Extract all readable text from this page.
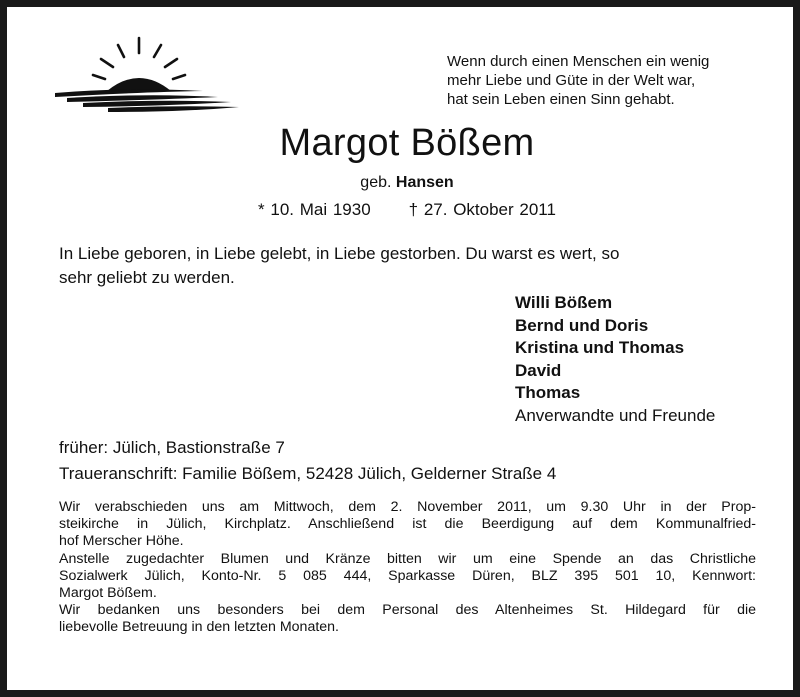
Wenn durch einen Menschen ein wenig
mehr Liebe und Güte in der Welt war,
hat sein Leben einen Sinn gehabt.
Margot Bößem
geb. Hansen
* 10. Mai 1930 † 27. Oktober 2011
In Liebe geboren, in Liebe gelebt, in Liebe gestorben. Du warst es wert, so
sehr geliebt zu werden.
Willi Bößem
Bernd und Doris
Kristina und Thomas
David
Thomas
Anverwandte und Freunde
früher: Jülich, Bastionstraße 7
Traueranschrift: Familie Bößem, 52428 Jülich, Gelderner Straße 4
Wir verabschieden uns am Mittwoch, dem 2. November 2011, um 9.30 Uhr in der Prop-
steikirche in Jülich, Kirchplatz. Anschließend ist die Beerdigung auf dem Kommunalfried-
hof Merscher Höhe.
Anstelle zugedachter Blumen und Kränze bitten wir um eine Spende an das Christliche
Sozialwerk Jülich, Konto-Nr. 5 085 444, Sparkasse Düren, BLZ 395 501 10, Kennwort:
Margot Bößem.
Wir bedanken uns besonders bei dem Personal des Altenheimes St. Hildegard für die
liebevolle Betreuung in den letzten Monaten.
